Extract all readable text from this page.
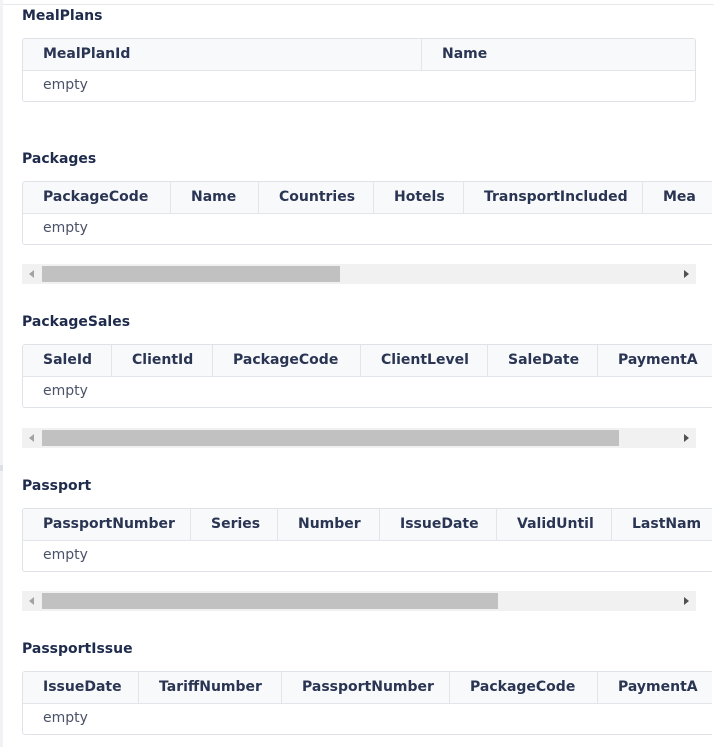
MealPlans
MealPlanId	Name
empty
Packages
PackageCode	Name	Countries	Hotels	TransportIncluded	Mea
empty
PackageSales
SaleId	ClientId	PackageCode	ClientLevel	SaleDate	PaymentA
empty
Passport
PassportNumber	Series	Number	IssueDate	ValidUntil	LastNam
empty
PassportIssue
IssueDate	TariffNumber	PassportNumber	PackageCode	PaymentA
empty
